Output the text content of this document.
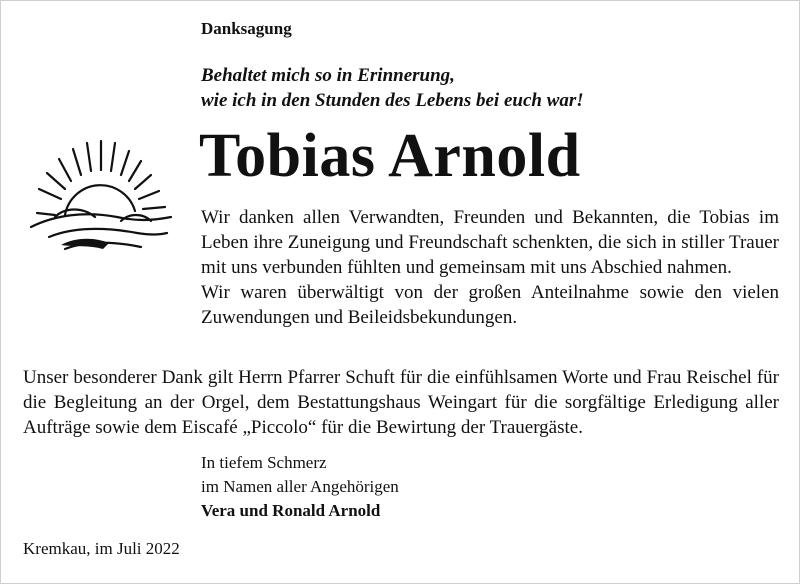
Danksagung
Behaltet mich so in Erinnerung,
wie ich in den Stunden des Lebens bei euch war!
Tobias Arnold

Wir danken allen Verwandten, Freunden und Bekannten, die Tobias im Leben ihre Zuneigung und Freundschaft schenkten, die sich in stiller Trauer mit uns verbunden fühlten und gemeinsam mit uns Abschied nahmen.

Wir waren überwältigt von der großen Anteilnahme sowie den vielen Zuwendungen und Beileidsbekundungen.

Unser besonderer Dank gilt Herrn Pfarrer Schuft für die einfühlsamen Worte und Frau Reischel für die Begleitung an der Orgel, dem Bestattungshaus Weingart für die sorgfältige Erledigung aller Aufträge sowie dem Eiscafé „Piccolo“ für die Bewirtung der Trauergäste.
In tiefem Schmerz
im Namen aller Angehörigen
Vera und Ronald Arnold
Kremkau, im Juli 2022
